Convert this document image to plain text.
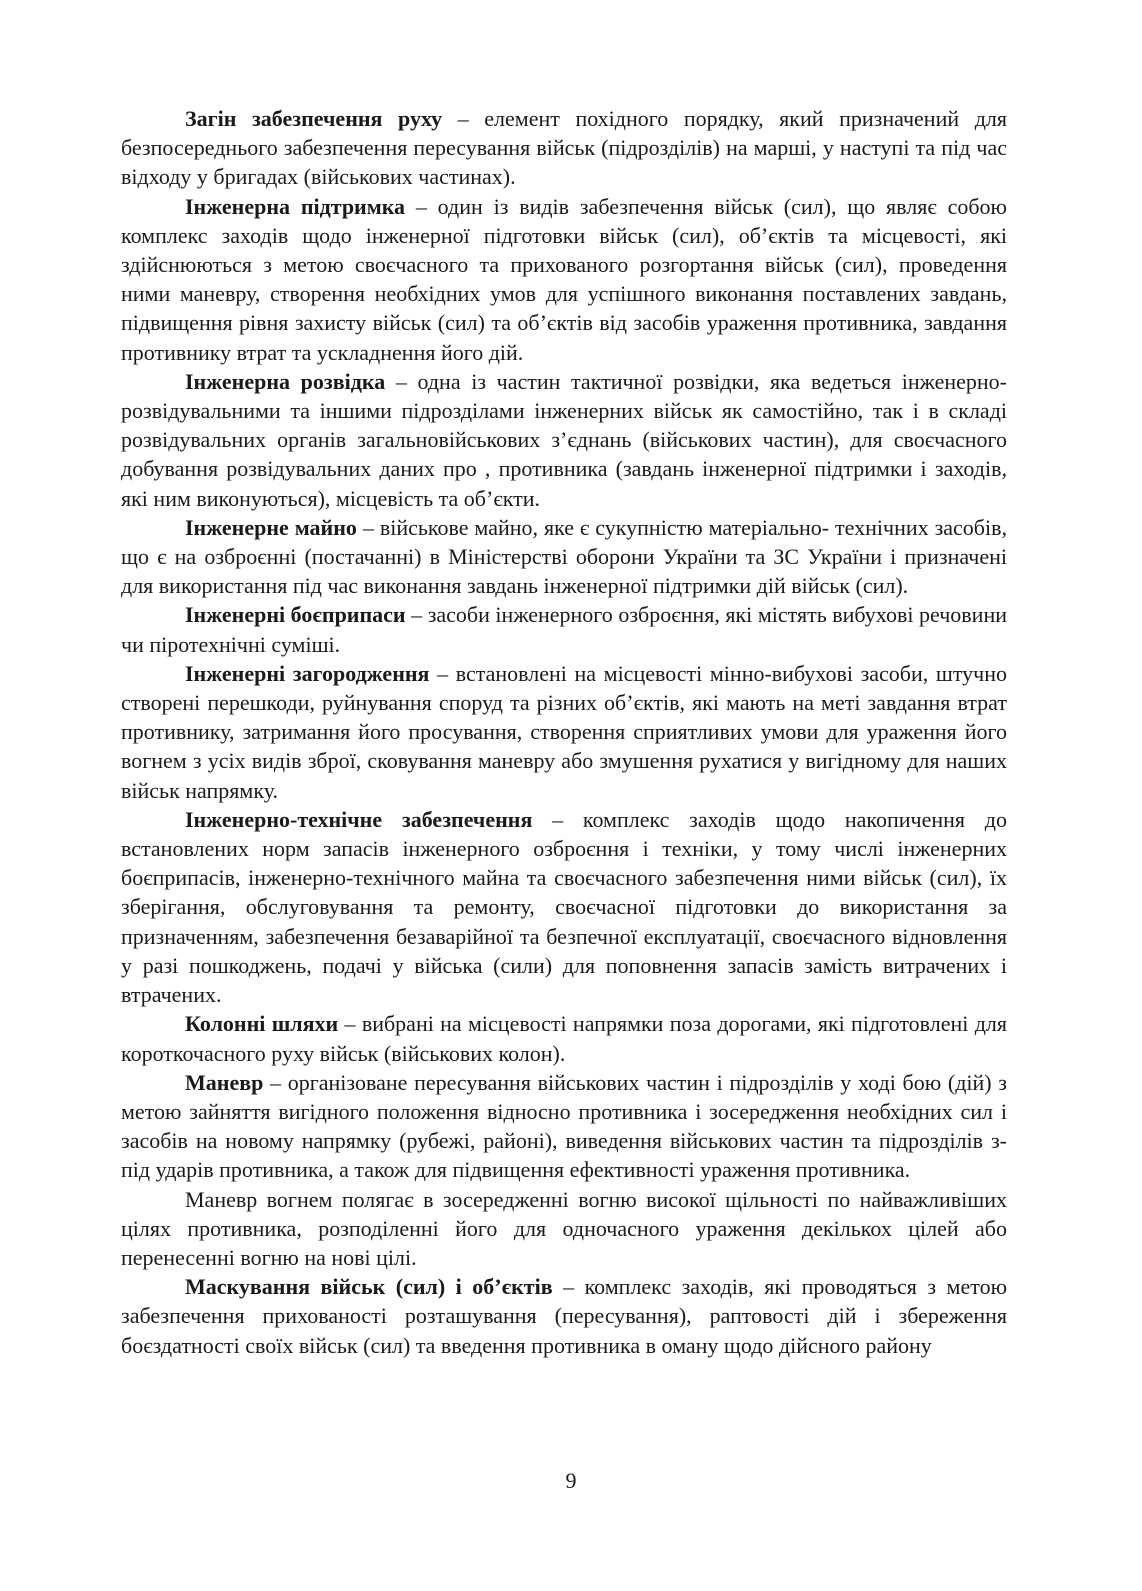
Загін забезпечення руху – елемент похідного порядку, який призначений для безпосереднього забезпечення пересування військ (підрозділів) на марші, у наступі та під час відходу у бригадах (військових частинах).

Інженерна підтримка – один із видів забезпечення військ (сил), що являє собою комплекс заходів щодо інженерної підготовки військ (сил), об’єктів та місцевості, які здійснюються з метою своєчасного та прихованого розгортання військ (сил), проведення ними маневру, створення необхідних умов для успішного виконання поставлених завдань, підвищення рівня захисту військ (сил) та об’єктів від засобів ураження противника, завдання противнику втрат та ускладнення його дій.

Інженерна розвідка – одна із частин тактичної розвідки, яка ведеться інженерно-розвідувальними та іншими підрозділами інженерних військ як самостійно, так і в складі розвідувальних органів загальновійськових з’єднань (військових частин), для своєчасного добування розвідувальних даних про , противника (завдань інженерної підтримки і заходів, які ним виконуються), місцевість та об’єкти.

Інженерне майно – військове майно, яке є сукупністю матеріально- технічних засобів, що є на озброєнні (постачанні) в Міністерстві оборони України та ЗС України і призначені для використання під час виконання завдань інженерної підтримки дій військ (сил).

Інженерні боєприпаси – засоби інженерного озброєння, які містять вибухові речовини чи піротехнічні суміші.

Інженерні загородження – встановлені на місцевості мінно-вибухові засоби, штучно створені перешкоди, руйнування споруд та різних об’єктів, які мають на меті завдання втрат противнику, затримання його просування, створення сприятливих умови для ураження його вогнем з усіх видів зброї, сковування маневру або змушення рухатися у вигідному для наших військ напрямку.

Інженерно-технічне забезпечення – комплекс заходів щодо накопичення до встановлених норм запасів інженерного озброєння і техніки, у тому числі інженерних боєприпасів, інженерно-технічного майна та своєчасного забезпечення ними військ (сил), їх зберігання, обслуговування та ремонту, своєчасної підготовки до використання за призначенням, забезпечення безаварійної та безпечної експлуатації, своєчасного відновлення у разі пошкоджень, подачі у війська (сили) для поповнення запасів замість витрачених і втрачених.

Колонні шляхи – вибрані на місцевості напрямки поза дорогами, які підготовлені для короткочасного руху військ (військових колон).

Маневр – організоване пересування військових частин і підрозділів у ході бою (дій) з метою зайняття вигідного положення відносно противника і зосередження необхідних сил і засобів на новому напрямку (рубежі, районі), виведення військових частин та підрозділів з-під ударів противника, а також для підвищення ефективності ураження противника.

Маневр вогнем полягає в зосередженні вогню високої щільності по найважливіших цілях противника, розподіленні його для одночасного ураження декількох цілей або перенесенні вогню на нові цілі.

Маскування військ (сил) і об’єктів – комплекс заходів, які проводяться з метою забезпечення прихованості розташування (пересування), раптовості дій і збереження боєздатності своїх військ (сил) та введення противника в оману щодо дійсного району

9
